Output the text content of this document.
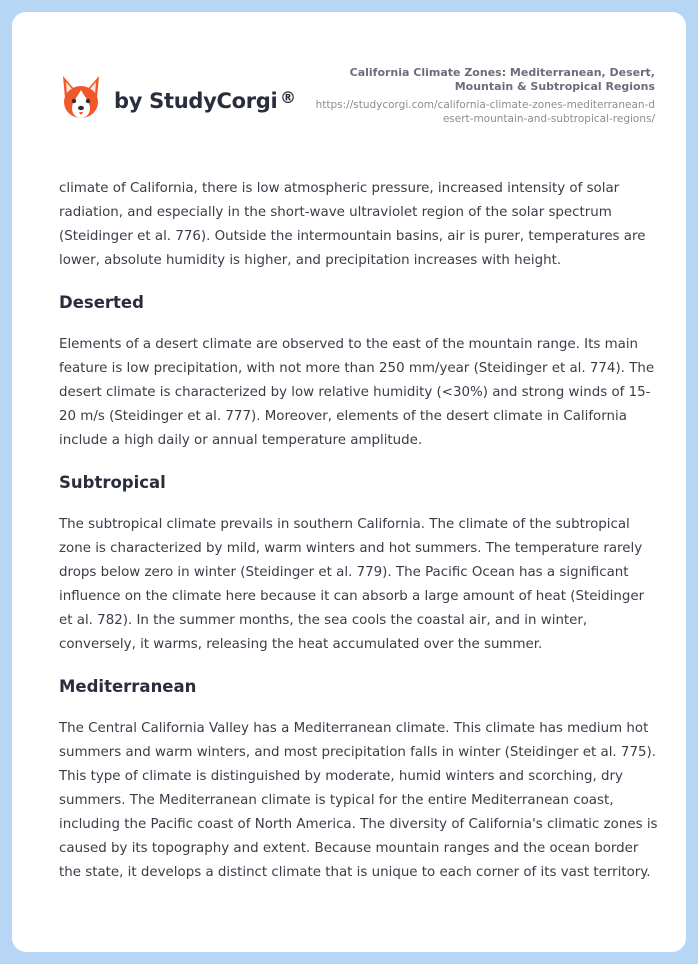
by StudyCorgi ®
California Climate Zones: Mediterranean, Desert, Mountain & Subtropical Regions
https://studycorgi.com/california-climate-zones-mediterranean-desert-mountain-and-subtropical-regions/

climate of California, there is low atmospheric pressure, increased intensity of solar radiation, and especially in the short-wave ultraviolet region of the solar spectrum (Steidinger et al. 776). Outside the intermountain basins, air is purer, temperatures are lower, absolute humidity is higher, and precipitation increases with height.

Deserted

Elements of a desert climate are observed to the east of the mountain range. Its main feature is low precipitation, with not more than 250 mm/year (Steidinger et al. 774). The desert climate is characterized by low relative humidity (<30%) and strong winds of 15-20 m/s (Steidinger et al. 777). Moreover, elements of the desert climate in California include a high daily or annual temperature amplitude.

Subtropical

The subtropical climate prevails in southern California. The climate of the subtropical zone is characterized by mild, warm winters and hot summers. The temperature rarely drops below zero in winter (Steidinger et al. 779). The Pacific Ocean has a significant influence on the climate here because it can absorb a large amount of heat (Steidinger et al. 782). In the summer months, the sea cools the coastal air, and in winter, conversely, it warms, releasing the heat accumulated over the summer.

Mediterranean

The Central California Valley has a Mediterranean climate. This climate has medium hot summers and warm winters, and most precipitation falls in winter (Steidinger et al. 775). This type of climate is distinguished by moderate, humid winters and scorching, dry summers. The Mediterranean climate is typical for the entire Mediterranean coast, including the Pacific coast of North America. The diversity of California's climatic zones is caused by its topography and extent. Because mountain ranges and the ocean border the state, it develops a distinct climate that is unique to each corner of its vast territory.
